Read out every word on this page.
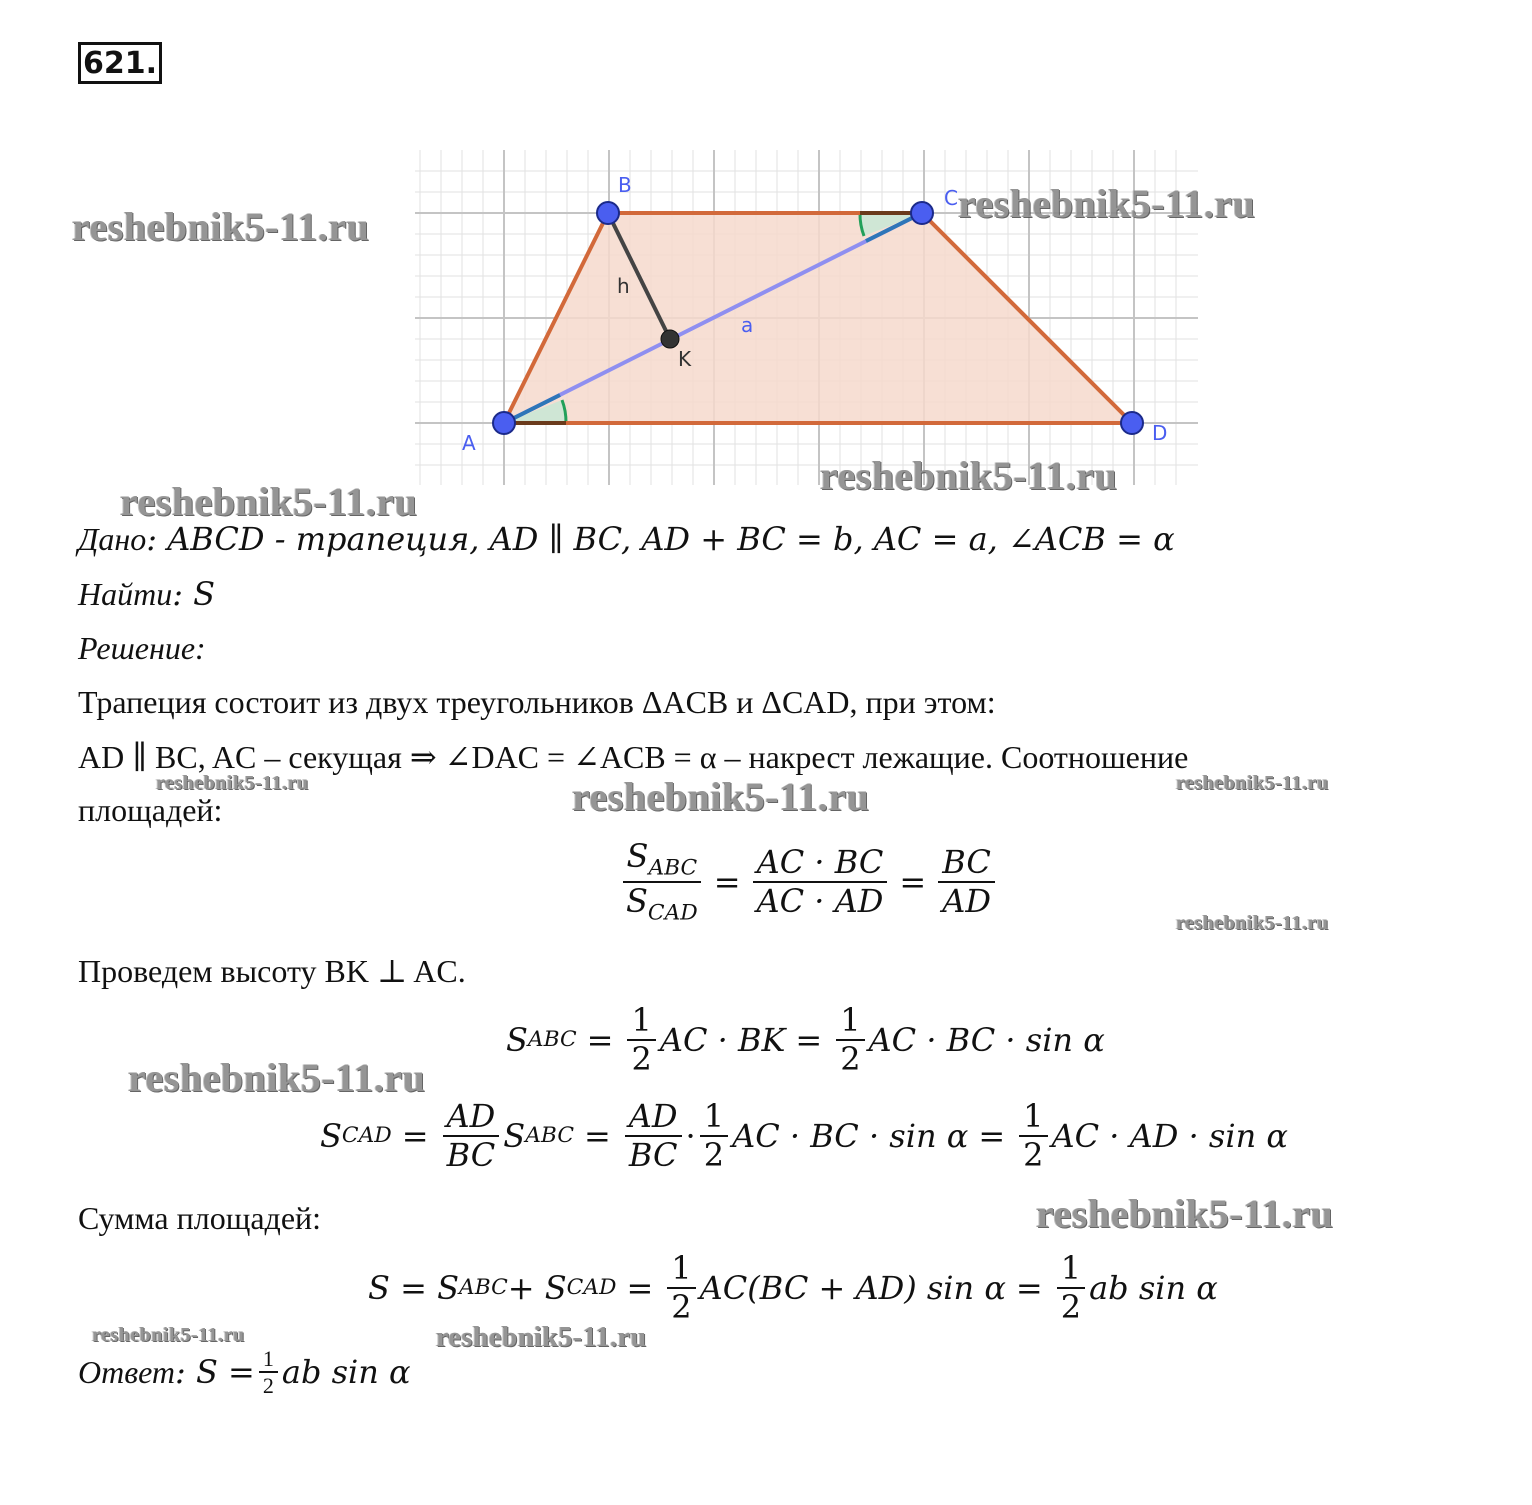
621.
A
B
C
D
K
h
a
reshebnik5-11.ru
reshebnik5-11.ru
reshebnik5-11.ru
reshebnik5-11.ru
reshebnik5-11.ru	reshebnik5-11.ru	reshebnik5-11.ru
reshebnik5-11.ru
reshebnik5-11.ru
reshebnik5-11.ru
reshebnik5-11.ru	reshebnik5-11.ru
Дано: ABCD - трапеция, AD ∥ BC, AD + BC = b, AC = a, ∠ACB = α
Найти: S
Решение:
Трапеция состоит из двух треугольников ΔACB и ΔCAD, при этом:
AD ∥ BC, AC – секущая ⇒ ∠DAC = ∠ACB = α – накрест лежащие. Соотношение
площадей:
$\frac{S_{ABC}}{S_{CAD}} = \frac{AC \cdot BC}{AC \cdot AD} = \frac{BC}{AD}$
Проведем высоту BK ⊥ AC.
S ABC = $\frac{1}{2}$ AC · BK = $\frac{1}{2}$ AC · BC · sin α
S CAD = $\frac{AD}{BC}$ S ABC = $\frac{AD}{BC} \cdot \frac{1}{2}$ AC · BC · $\sin \alpha = \frac{1}{2}$ AC · AD · sin α
Сумма площадей:
S = S ABC + S CAD = $\frac{1}{2} AC(BC + AD)$ $\sin \alpha = \frac{1}{2}$ ab sin α
Ответ : $S = \frac{1}{2}$ ab sin α
